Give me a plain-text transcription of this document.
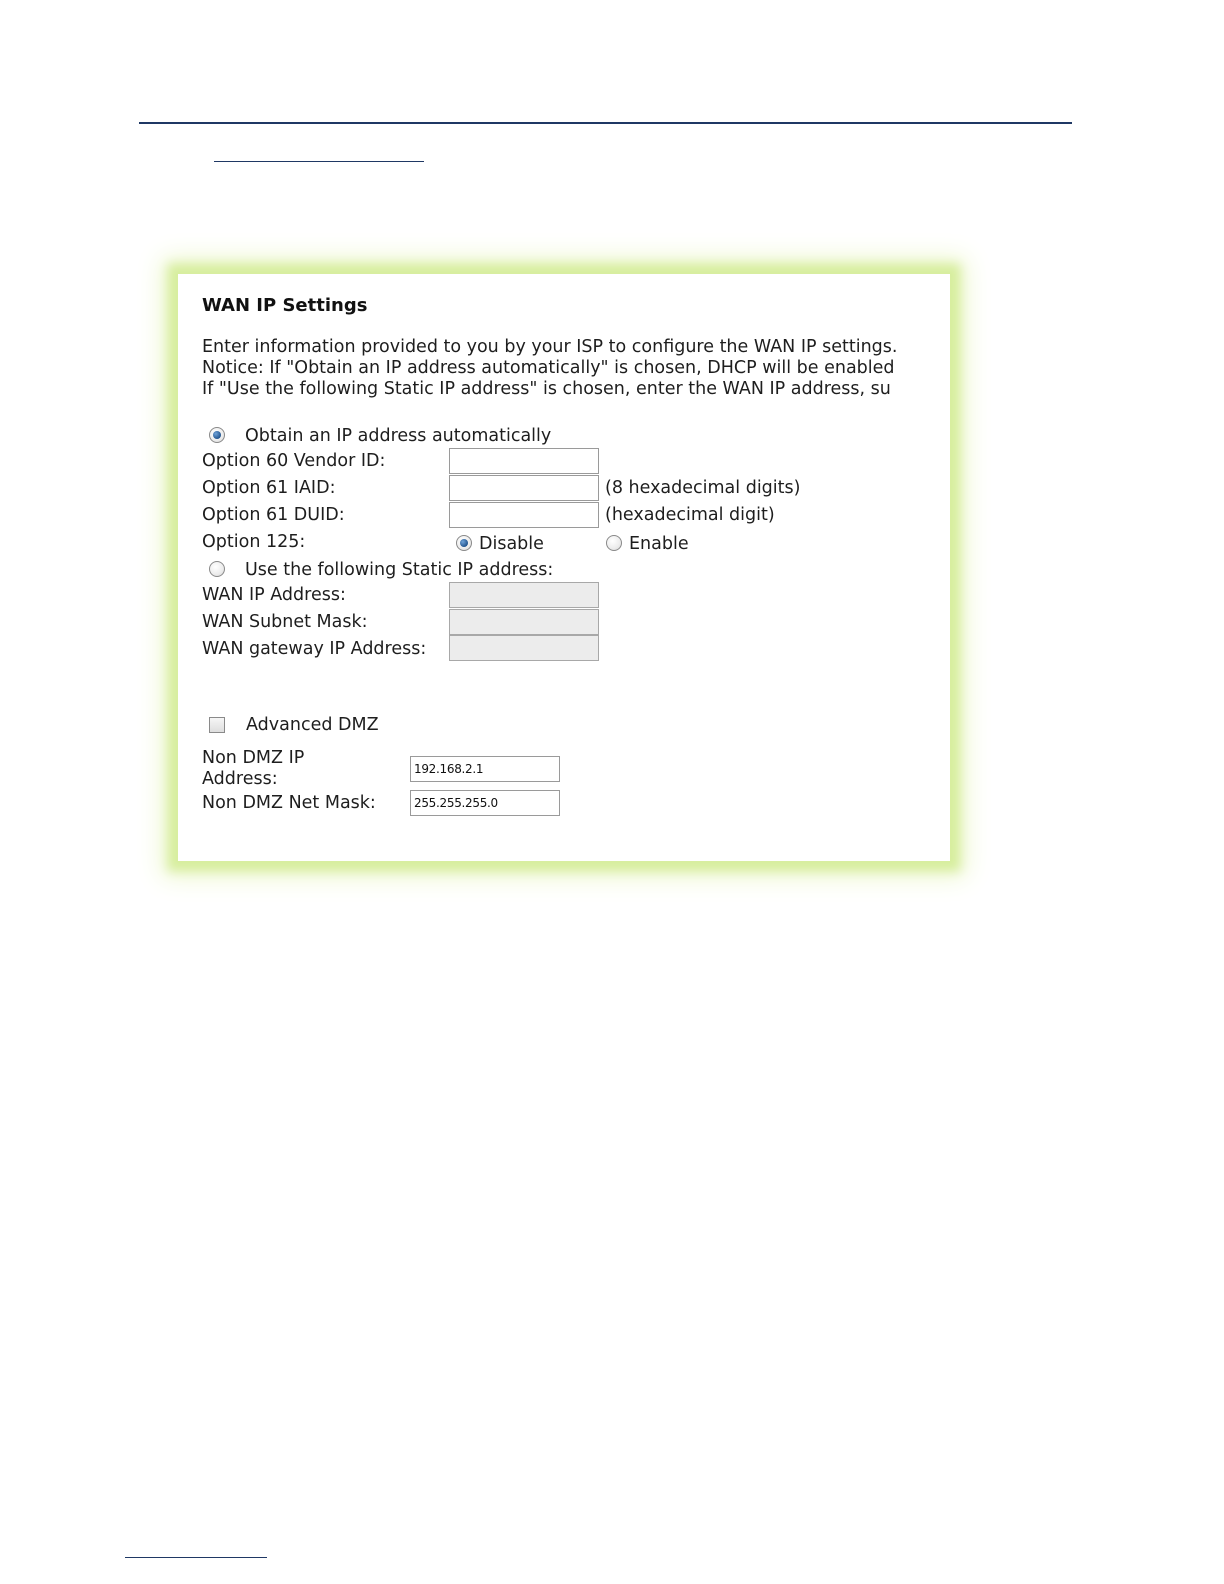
WAN IP Settings
Enter information provided to you by your ISP to configure the WAN IP settings.
Notice: If "Obtain an IP address automatically" is chosen, DHCP will be enabled
If "Use the following Static IP address" is chosen, enter the WAN IP address, su
Obtain an IP address automatically
Option 60 Vendor ID:
Option 61 IAID:	(8 hexadecimal digits)
Option 61 DUID:	(hexadecimal digit)
Option 125:	Disable	Enable
Use the following Static IP address:
WAN IP Address:
WAN Subnet Mask:
WAN gateway IP Address:
Advanced DMZ
Non DMZ IP
Address:
192.168.2.1
Non DMZ Net Mask:
255.255.255.0
